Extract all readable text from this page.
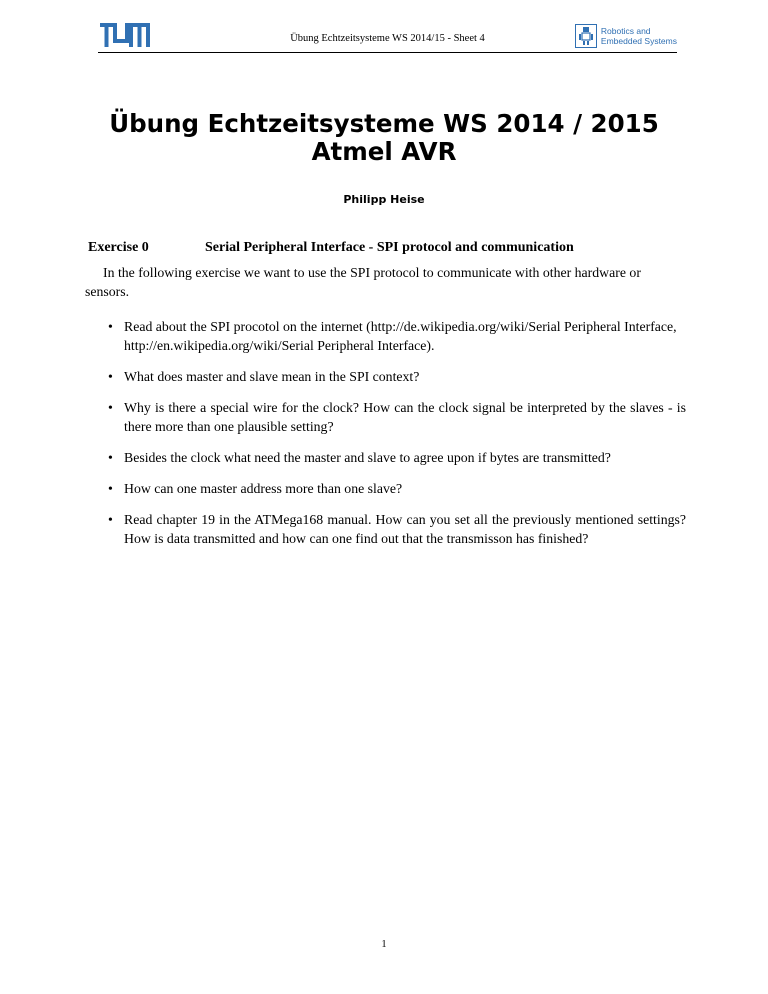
Übung Echtzeitsysteme WS 2014/15 - Sheet 4
Robotics and
Embedded Systems
Übung Echtzeitsysteme WS 2014 / 2015
Atmel AVR
Philipp Heise
Exercise 0	Serial Peripheral Interface - SPI protocol and communication

In the following exercise we want to use the SPI protocol to communicate with other hardware or sensors.

• Read about the SPI procotol on the internet (http://de.wikipedia.org/wiki/Serial Peripheral Interface,
http://en.wikipedia.org/wiki/Serial Peripheral Interface).
• What does master and slave mean in the SPI context?
• Why is there a special wire for the clock? How can the clock signal be interpreted by the slaves - is there more than one plausible setting?
• Besides the clock what need the master and slave to agree upon if bytes are transmitted?
• How can one master address more than one slave?
• Read chapter 19 in the ATMega168 manual. How can you set all the previously mentioned settings? How is data transmitted and how can one find out that the transmisson has finished?
1
